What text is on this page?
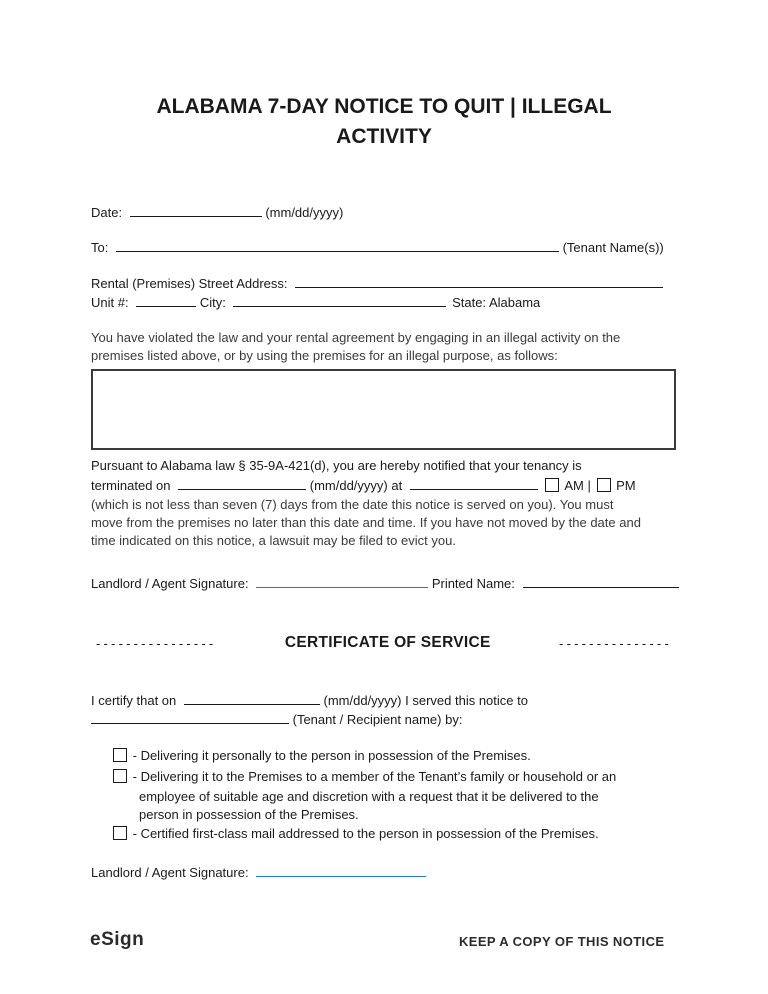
ALABAMA 7-DAY NOTICE TO QUIT | ILLEGAL
ACTIVITY
Date:	(mm/dd/yyyy)
To:	(Tenant Name(s))
Rental (Premises) Street Address:
Unit #:	City:	State: Alabama
You have violated the law and your rental agreement by engaging in an illegal activity on the
premises listed above, or by using the premises for an illegal purpose, as follows:
Pursuant to Alabama law § 35-9A-421(d), you are hereby notified that your tenancy is
terminated on	(mm/dd/yyyy) at	AM | PM
(which is not less than seven (7) days from the date this notice is served on you). You must
move from the premises no later than this date and time. If you have not moved by the date and
time indicated on this notice, a lawsuit may be filed to evict you.
Landlord / Agent Signature:	Printed Name:
----------------	CERTIFICATE OF SERVICE	---------------
I certify that on	(mm/dd/yyyy) I served this notice to
(Tenant / Recipient name) by:
- Delivering it personally to the person in possession of the Premises.
- Delivering it to the Premises to a member of the Tenant’s family or household or an
employee of suitable age and discretion with a request that it be delivered to the
person in possession of the Premises.
- Certified first-class mail addressed to the person in possession of the Premises.
Landlord / Agent Signature:
eSign	KEEP A COPY OF THIS NOTICE
